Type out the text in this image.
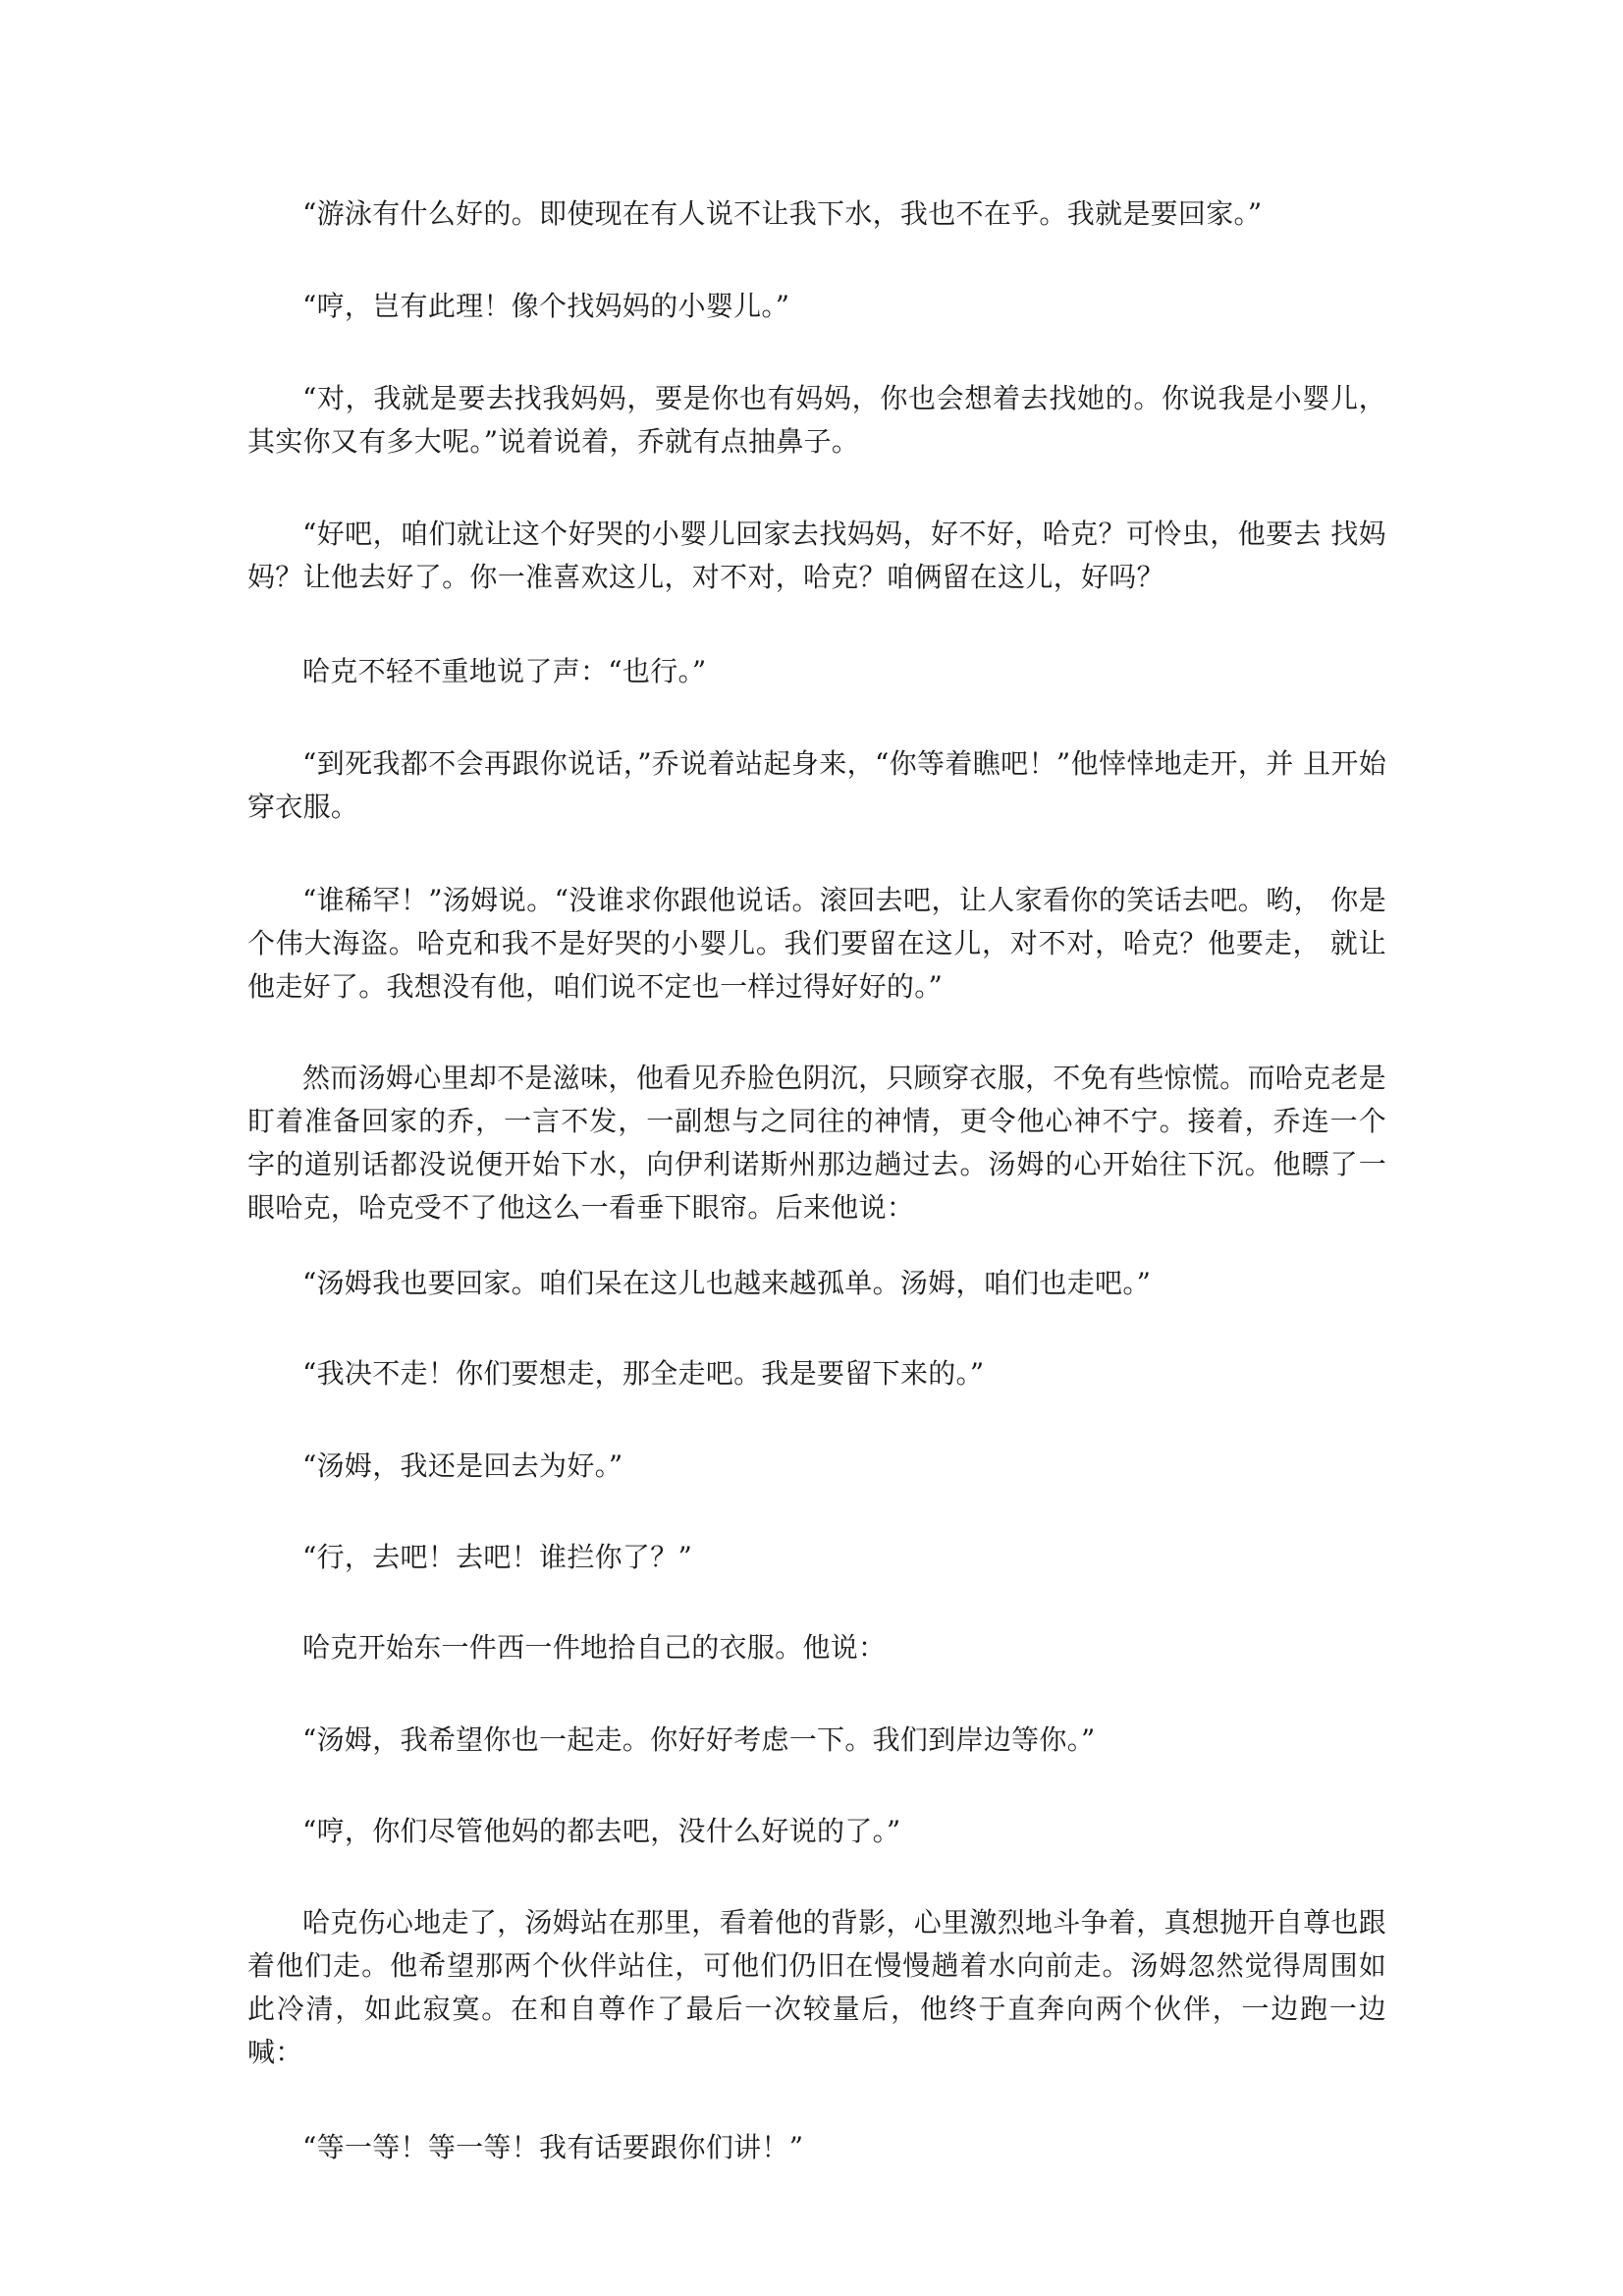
“游泳有什么好的。即使现在有人说不让我下水，我也不在乎。我就是要回家。”

“哼，岂有此理！像个找妈妈的小婴儿。”

“对，我就是要去找我妈妈，要是你也有妈妈，你也会想着去找她的。你说我是小婴儿，其实你又有多大呢。”说着说着，乔就有点抽鼻子。

“好吧，咱们就让这个好哭的小婴儿回家去找妈妈，好不好，哈克？可怜虫，他要去 找妈妈？让他去好了。你一准喜欢这儿，对不对，哈克？咱俩留在这儿，好吗？

哈克不轻不重地说了声：“也行。”

“到死我都不会再跟你说话，”乔说着站起身来，“你等着瞧吧！”他悻悻地走开，并 且开始穿衣服。

“谁稀罕！”汤姆说。“没谁求你跟他说话。滚回去吧，让人家看你的笑话去吧。哟， 你是个伟大海盗。哈克和我不是好哭的小婴儿。我们要留在这儿，对不对，哈克？他要走， 就让他走好了。我想没有他，咱们说不定也一样过得好好的。”

然而汤姆心里却不是滋味，他看见乔脸色阴沉，只顾穿衣服，不免有些惊慌。而哈克老是盯着准备回家的乔，一言不发，一副想与之同往的神情，更令他心神不宁。接着，乔连一个字的道别话都没说便开始下水，向伊利诺斯州那边趟过去。汤姆的心开始往下沉。他瞟了一眼哈克，哈克受不了他这么一看垂下眼帘。后来他说：

“汤姆我也要回家。咱们呆在这儿也越来越孤单。汤姆，咱们也走吧。”

“我决不走！你们要想走，那全走吧。我是要留下来的。”

“汤姆，我还是回去为好。”

“行，去吧！去吧！谁拦你了？”

哈克开始东一件西一件地拾自己的衣服。他说：

“汤姆，我希望你也一起走。你好好考虑一下。我们到岸边等你。”

“哼，你们尽管他妈的都去吧，没什么好说的了。”

哈克伤心地走了，汤姆站在那里，看着他的背影，心里激烈地斗争着，真想抛开自尊也跟着他们走。他希望那两个伙伴站住，可他们仍旧在慢慢趟着水向前走。汤姆忽然觉得周围如此冷清，如此寂寞。在和自尊作了最后一次较量后，他终于直奔向两个伙伴，一边跑一边喊：

“等一等！等一等！我有话要跟你们讲！”
